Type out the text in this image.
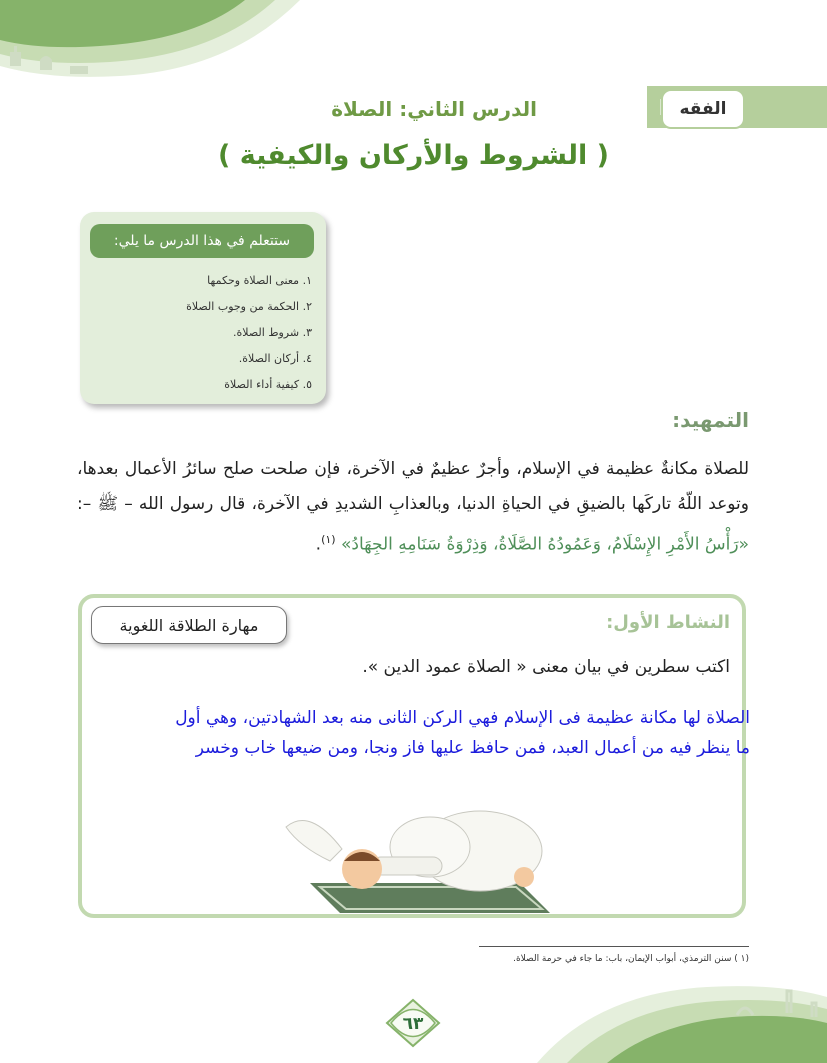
الفقه
الدرس الثاني: الصلاة
( الشروط والأركان والكيفية )
ستتعلم في هذا الدرس ما يلي:
١. معنى الصلاة وحكمها
٢. الحكمة من وجوب الصلاة
٣. شروط الصلاة.
٤. أركان الصلاة.
٥. كيفية أداء الصلاة
التمهيد:
للصلاة مكانةٌ عظيمة في الإسلام، وأجرٌ عظيمٌ في الآخرة، فإن صلحت صلح سائرُ الأعمال بعدها، وتوعد اللّهُ تاركَها بالضيقِ في الحياةِ الدنيا، وبالعذابِ الشديدِ في الآخرة، قال رسول الله – ﷺ –: «رَأْسُ الأَمْرِ الإِسْلَامُ، وَعَمُودُهُ الصَّلَاةُ، وَذِرْوَةُ سَنَامِهِ الجِهَادُ» $^{(١)}$.
النشاط الأول:
مهارة الطلاقة اللغوية
اكتب سطرين في بيان معنى « الصلاة عمود الدين ».
الصلاة لها مكانة عظيمة فى الإسلام فهي الركن الثانى منه بعد الشهادتين، وهي أول
ما ينظر فيه من أعمال العبد، فمن حافظ عليها فاز ونجا، ومن ضيعها خاب وخسر
(١ ) سنن الترمذي، أبواب الإيمان، باب: ما جاء في حرمة الصلاة.
٦٣
